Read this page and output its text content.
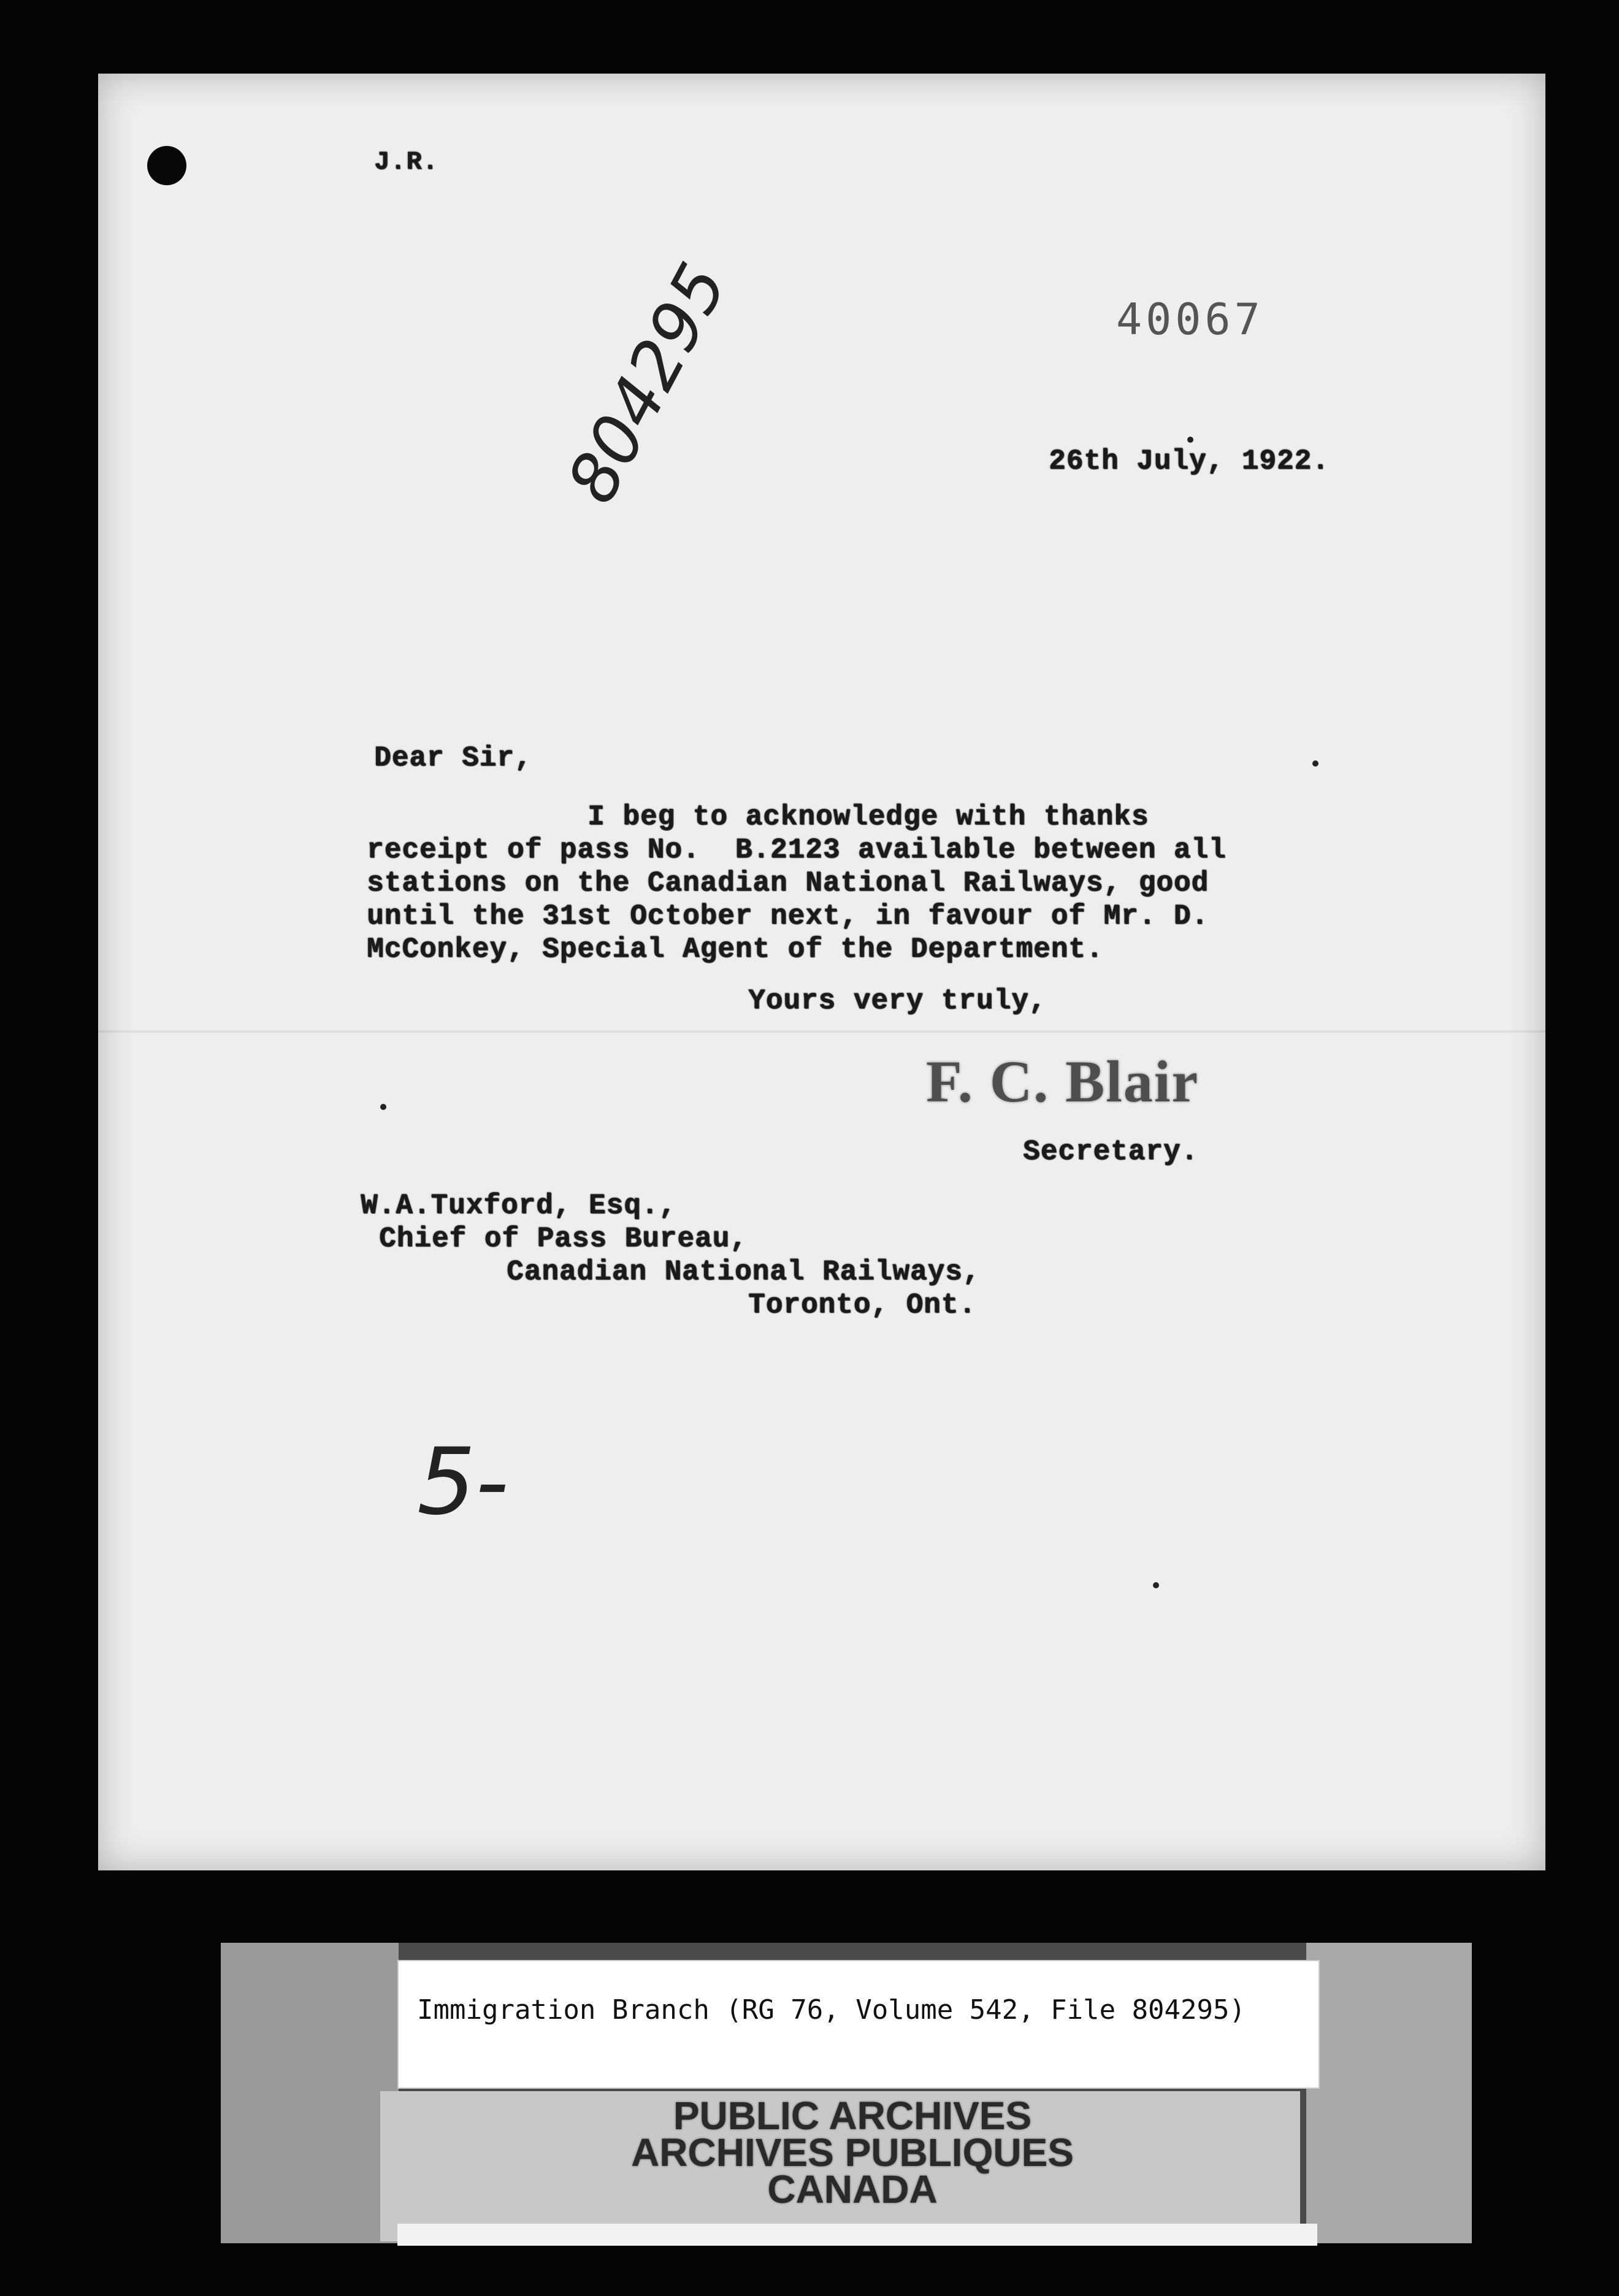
J.R.
40067
804295	26th July, 1922.
Dear Sir,
I beg to acknowledge with thanks
receipt of pass No.  B.2123 available between all
stations on the Canadian National Railways, good
until the 31st October next, in favour of Mr. D.
McConkey, Special Agent of the Department.
Yours very truly,
F. C. Blair
Secretary.
W.A.Tuxford, Esq.,
Chief of Pass Bureau,
Canadian National Railways,
Toronto, Ont.
5-
Immigration Branch (RG 76, Volume 542, File 804295)
PUBLIC ARCHIVES
ARCHIVES PUBLIQUES
CANADA
